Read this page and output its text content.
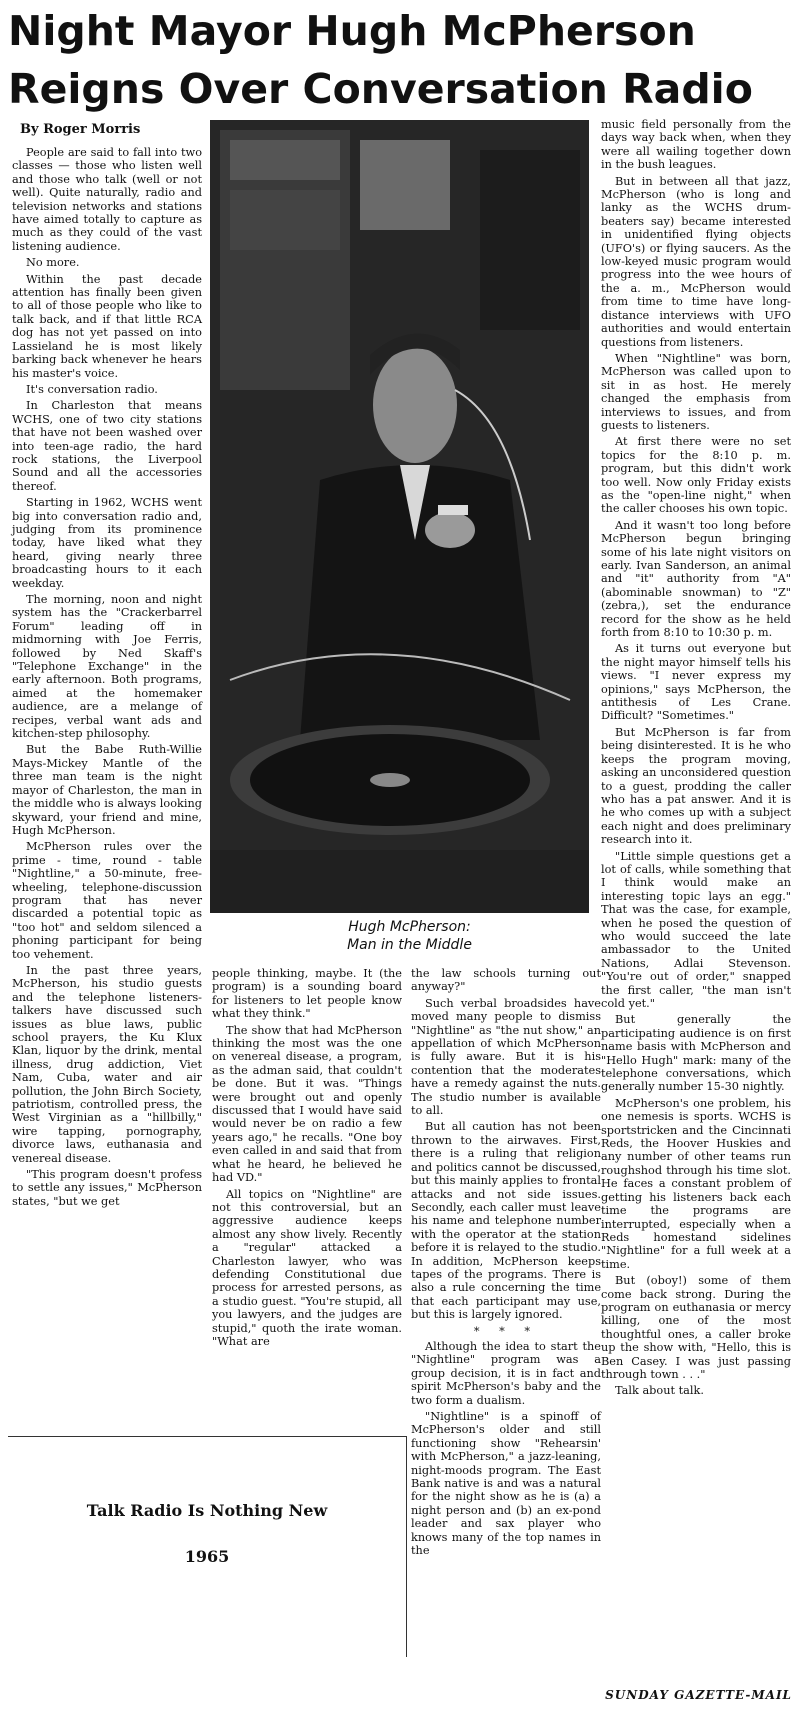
Night Mayor Hugh McPherson
Reigns Over Conversation Radio

By Roger Morris

Hugh McPherson:
Man in the Middle

People are said to fall into two classes — those who listen well and those who talk (well or not well). Quite naturally, radio and television networks and stations have aimed totally to capture as much as they could of the vast listening audience.

No more.

Within the past decade attention has finally been given to all of those people who like to talk back, and if that little RCA dog has not yet passed on into Lassieland he is most likely barking back whenever he hears his master's voice.

It's conversation radio.

In Charleston that means WCHS, one of two city stations that have not been washed over into teen-age radio, the hard rock stations, the Liverpool Sound and all the accessories thereof.

Starting in 1962, WCHS went big into conversation radio and, judging from its prominence today, have liked what they heard, giving nearly three broadcasting hours to it each weekday.

The morning, noon and night system has the "Crackerbarrel Forum" leading off in midmorning with Joe Ferris, followed by Ned Skaff's "Telephone Exchange" in the early afternoon. Both programs, aimed at the homemaker audience, are a melange of recipes, verbal want ads and kitchen-step philosophy.

But the Babe Ruth-Willie Mays-Mickey Mantle of the three man team is the night mayor of Charleston, the man in the middle who is always looking skyward, your friend and mine, Hugh McPherson.

McPherson rules over the prime - time, round - table "Nightline," a 50-minute, free-wheeling, telephone-discussion program that has never discarded a potential topic as "too hot" and seldom silenced a phoning participant for being too vehement.

In the past three years, McPherson, his studio guests and the telephone listeners-talkers have discussed such issues as blue laws, public school prayers, the Ku Klux Klan, liquor by the drink, mental illness, drug addiction, Viet Nam, Cuba, water and air pollution, the John Birch Society, patriotism, controlled press, the West Virginian as a "hillbilly," wire tapping, pornography, divorce laws, euthanasia and venereal disease.

"This program doesn't profess to settle any issues," McPherson states, "but we get

people thinking, maybe. It (the program) is a sounding board for listeners to let people know what they think."

The show that had McPherson thinking the most was the one on venereal disease, a program, as the adman said, that couldn't be done. But it was. "Things were brought out and openly discussed that I would have said would never be on radio a few years ago," he recalls. "One boy even called in and said that from what he heard, he believed he had VD."

All topics on "Nightline" are not this controversial, but an aggressive audience keeps almost any show lively. Recently a "regular" attacked a Charleston lawyer, who was defending Constitutional due process for arrested persons, as a studio guest. "You're stupid, all you lawyers, and the judges are stupid," quoth the irate woman. "What are

the law schools turning out anyway?"

Such verbal broadsides have moved many people to dismiss "Nightline" as "the nut show," an appellation of which McPherson is fully aware. But it is his contention that the moderates have a remedy against the nuts. The studio number is available to all.

But all caution has not been thrown to the airwaves. First, there is a ruling that religion and politics cannot be discussed, but this mainly applies to frontal attacks and not side issues. Secondly, each caller must leave his name and telephone number with the operator at the station before it is relayed to the studio. In addition, McPherson keeps tapes of the programs. There is also a rule concerning the time that each participant may use, but this is largely ignored.

* * *

Although the idea to start the "Nightline" program was a group decision, it is in fact and spirit McPherson's baby and the two form a dualism.

"Nightline" is a spinoff of McPherson's older and still functioning show "Rehearsin' with McPherson," a jazz-leaning, night-moods program. The East Bank native is and was a natural for the night show as he is (a) a night person and (b) an ex-pond leader and sax player who knows many of the top names in the

music field personally from the days way back when, when they were all wailing together down in the bush leagues.

But in between all that jazz, McPherson (who is long and lanky as the WCHS drum-beaters say) became interested in unidentified flying objects (UFO's) or flying saucers. As the low-keyed music program would progress into the wee hours of the a. m., McPherson would from time to time have long-distance interviews with UFO authorities and would entertain questions from listeners.

When "Nightline" was born, McPherson was called upon to sit in as host. He merely changed the emphasis from interviews to issues, and from guests to listeners.

At first there were no set topics for the 8:10 p. m. program, but this didn't work too well. Now only Friday exists as the "open-line night," when the caller chooses his own topic.

And it wasn't too long before McPherson begun bringing some of his late night visitors on early. Ivan Sanderson, an animal and "it" authority from "A" (abominable snowman) to "Z" (zebra,), set the endurance record for the show as he held forth from 8:10 to 10:30 p. m.

As it turns out everyone but the night mayor himself tells his views. "I never express my opinions," says McPherson, the antithesis of Les Crane. Difficult? "Sometimes."

But McPherson is far from being disinterested. It is he who keeps the program moving, asking an unconsidered question to a guest, prodding the caller who has a pat answer. And it is he who comes up with a subject each night and does preliminary research into it.

"Little simple questions get a lot of calls, while something that I think would make an interesting topic lays an egg." That was the case, for example, when he posed the question of who would succeed the late ambassador to the United Nations, Adlai Stevenson. "You're out of order," snapped the first caller, "the man isn't cold yet."

But generally the participating audience is on first name basis with McPherson and "Hello Hugh" mark: many of the telephone conversations, which generally number 15-30 nightly.

McPherson's one problem, his one nemesis is sports. WCHS is sportstricken and the Cincinnati Reds, the Hoover Huskies and any number of other teams run roughshod through his time slot. He faces a constant problem of getting his listeners back each time the programs are interrupted, especially when a Reds homestand sidelines "Nightline" for a full week at a time.

But (oboy!) some of them come back strong. During the program on euthanasia or mercy killing, one of the most thoughtful ones, a caller broke up the show with, "Hello, this is Ben Casey. I was just passing through town . . ."

Talk about talk.

Talk Radio Is Nothing New

1965

SUNDAY GAZETTE-MAIL
